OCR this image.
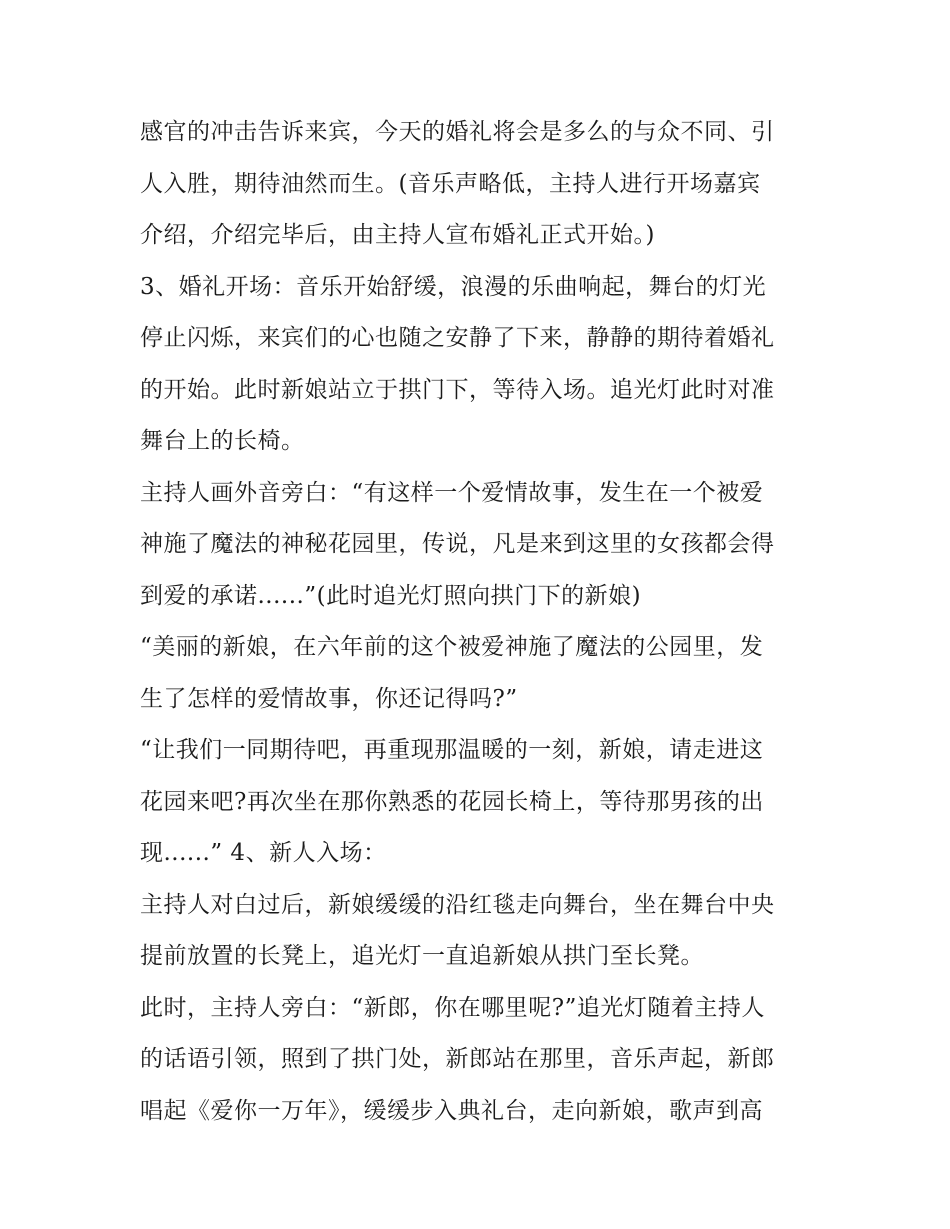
感官的冲击告诉来宾，今天的婚礼将会是多么的与众不同、引
人入胜，期待油然而生。(音乐声略低，主持人进行开场嘉宾
介绍，介绍完毕后，由主持人宣布婚礼正式开始。)
3、婚礼开场：音乐开始舒缓，浪漫的乐曲响起，舞台的灯光
停止闪烁，来宾们的心也随之安静了下来，静静的期待着婚礼
的开始。此时新娘站立于拱门下，等待入场。追光灯此时对准
舞台上的长椅。
主持人画外音旁白：“有这样一个爱情故事，发生在一个被爱
神施了魔法的神秘花园里，传说，凡是来到这里的女孩都会得
到爱的承诺......”(此时追光灯照向拱门下的新娘)
“美丽的新娘，在六年前的这个被爱神施了魔法的公园里，发
生了怎样的爱情故事，你还记得吗?”
“让我们一同期待吧，再重现那温暖的一刻，新娘，请走进这
花园来吧?再次坐在那你熟悉的花园长椅上，等待那男孩的出
现......” 4、新人入场：
主持人对白过后，新娘缓缓的沿红毯走向舞台，坐在舞台中央
提前放置的长凳上，追光灯一直追新娘从拱门至长凳。
此时，主持人旁白：“新郎，你在哪里呢?”追光灯随着主持人
的话语引领，照到了拱门处，新郎站在那里，音乐声起，新郎
唱起《爱你一万年》，缓缓步入典礼台，走向新娘，歌声到高
